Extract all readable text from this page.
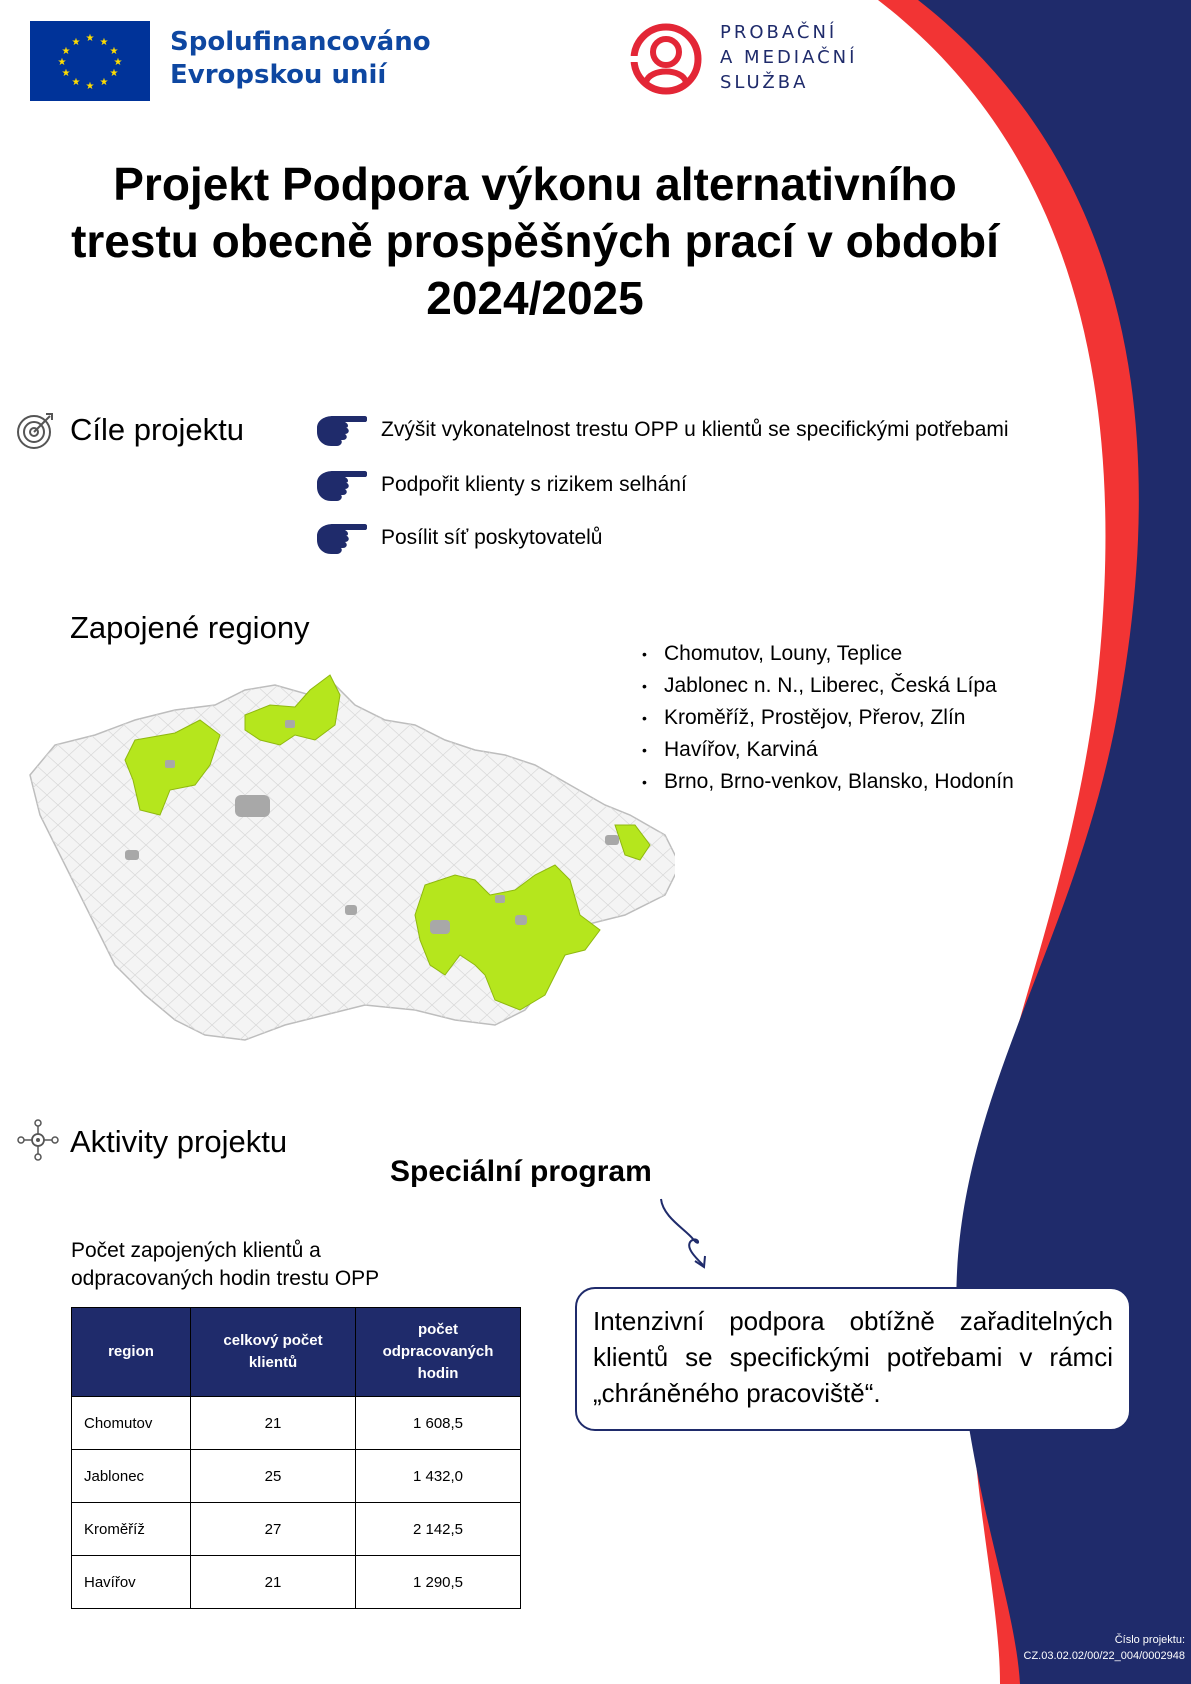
★ ★
★
★
★
★
★
★
★
★
★
★	Spolufinancováno
Evropskou unií
PROBAČNÍ
A MEDIAČNÍ
SLUŽBA
Projekt Podpora výkonu alternativního
trestu obecně prospěšných prací v období
2024/2025
Cíle projektu	Zvýšit vykonatelnost trestu OPP u klientů se specifickými potřebami
Podpořit klienty s rizikem selhání
Posílit síť poskytovatelů
Zapojené regiony
• Chomutov, Louny, Teplice
• Jablonec n. N., Liberec, Česká Lípa
• Kroměříž, Prostějov, Přerov, Zlín
• Havířov, Karviná
• Brno, Brno-venkov, Blansko, Hodonín
Aktivity projektu
Speciální program
Intenzivní podpora obtížně zařaditelných klientů se specifickými potřebami v rámci „chráněného pracoviště“.
Počet zapojených klientů a
odpracovaných hodin trestu OPP
region	celkový počet klientů	počet odpracovaných hodin
Chomutov	21	1 608,5
Jablonec	25	1 432,0
Kroměříž	27	2 142,5
Havířov	21	1 290,5
Číslo projektu:
CZ.03.02.02/00/22_004/0002948
